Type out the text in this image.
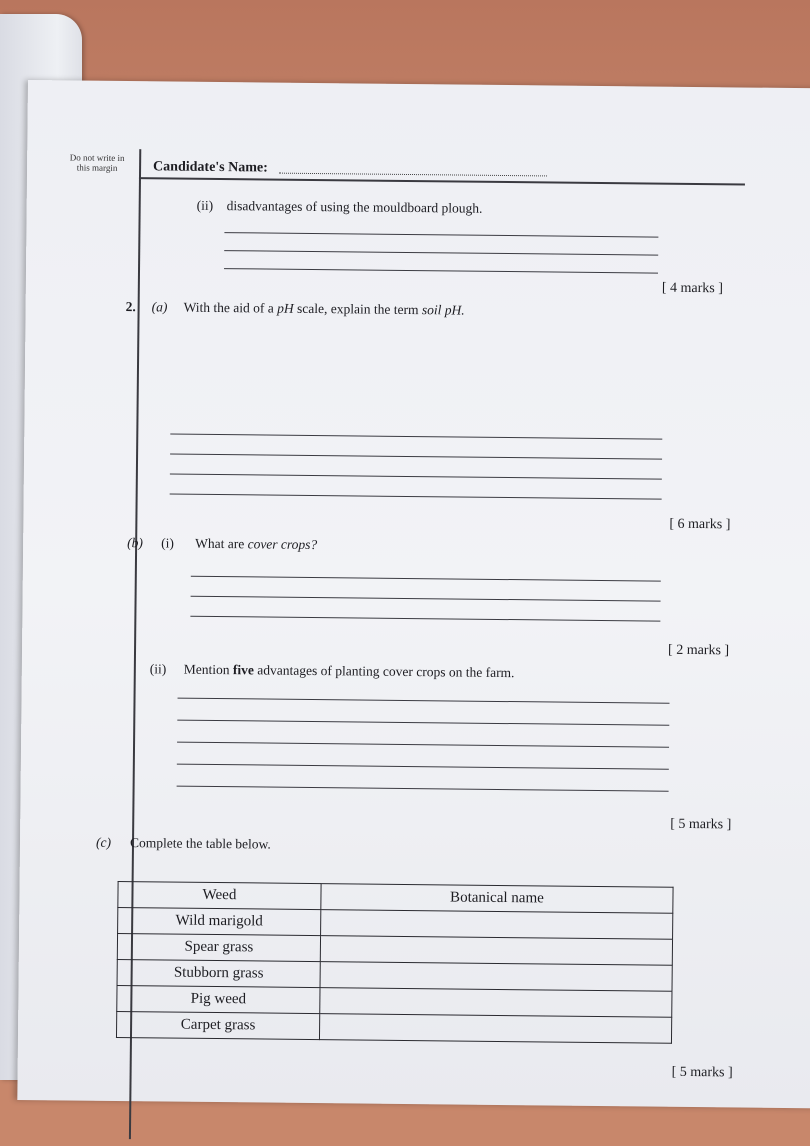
Do not write in this margin	Candidate's Name:
(ii) disadvantages of using the mouldboard plough.
[ 4 marks ]
2. (a) With the aid of a pH scale, explain the term soil pH.
[ 6 marks ]
(b) (i) What are cover crops?
[ 2 marks ]
(ii) Mention five advantages of planting cover crops on the farm.
[ 5 marks ]
(c) Complete the table below.
Weed	Botanical name
Wild marigold	
Spear grass	
Stubborn grass	
Pig weed	
Carpet grass	
[ 5 marks ]
